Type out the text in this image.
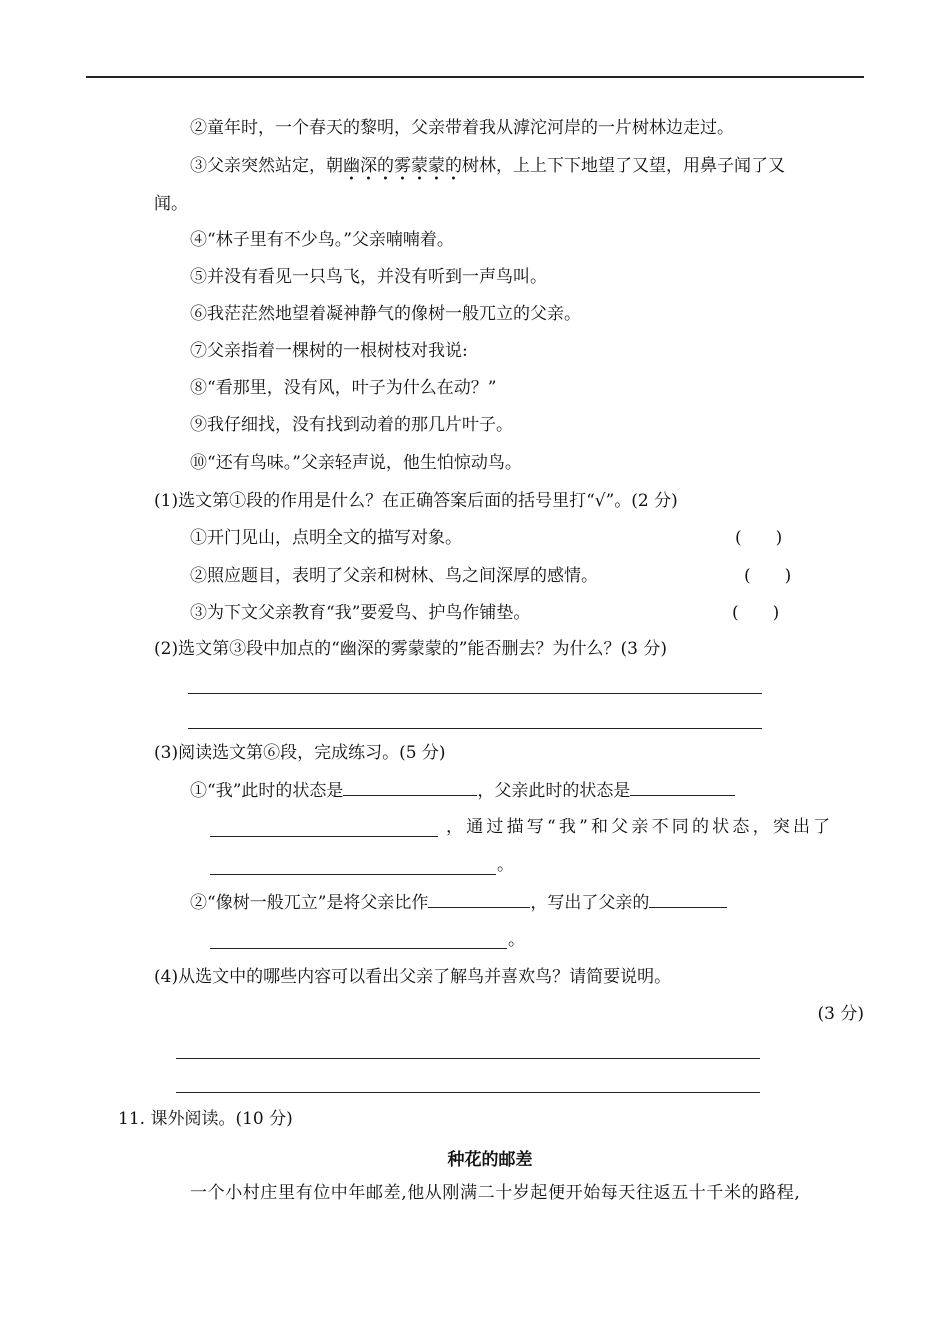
②童年时，一个春天的黎明，父亲带着我从滹沱河岸的一片树林边走过。
③父亲突然站定，朝幽
•
深
•
的
•
雾
•
蒙
•
蒙
•
的
•
树林，上上下下地望了又望，用鼻子闻了又
闻。
④“林子里有不少鸟。”父亲喃喃着。
⑤并没有看见一只鸟飞，并没有听到一声鸟叫。
⑥我茫茫然地望着凝神静气的像树一般兀立的父亲。
⑦父亲指着一棵树的一根树枝对我说:
⑧“看那里，没有风，叶子为什么在动？”
⑨我仔细找，没有找到动着的那几片叶子。
⑩“还有鸟味。”父亲轻声说，他生怕惊动鸟。
(1)选文第①段的作用是什么？在正确答案后面的括号里打“√”。(2 分)
①开门见山，点明全文的描写对象。	(　　)
②照应题目，表明了父亲和树林、鸟之间深厚的感情。	(　　)
③为下文父亲教育“我”要爱鸟、护鸟作铺垫。	(　　)
(2)选文第③段中加点的“幽深的雾蒙蒙的”能否删去？为什么？(3 分)
(3)阅读选文第⑥段，完成练习。(5 分)
①“我”此时的状态是	，父亲此时的状态是
，通过描写“我”和父亲不同的状态，突出了
。
②“像树一般兀立”是将父亲比作	，写出了父亲的
。
(4)从选文中的哪些内容可以看出父亲了解鸟并喜欢鸟？请简要说明。
(3 分)
11. 课外阅读。(10 分)
种花的邮差
一个小村庄里有位中年邮差,他从刚满二十岁起便开始每天往返五十千米的路程,
